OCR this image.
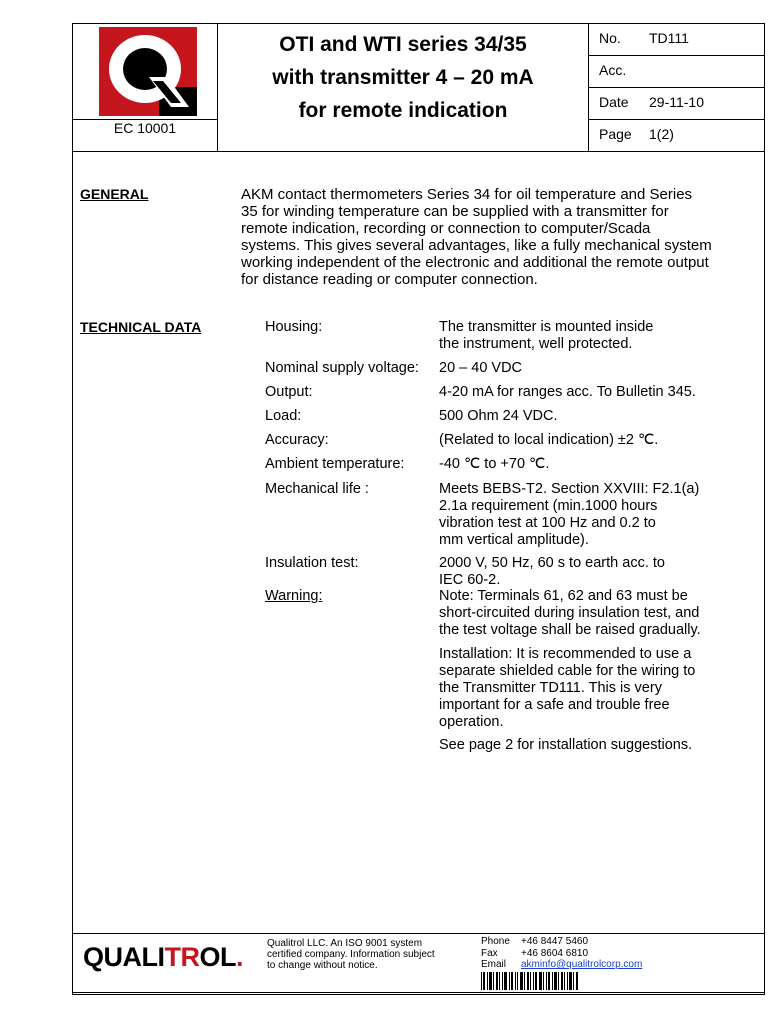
EC 10001
OTI and WTI series 34/35
with transmitter 4 – 20 mA
for remote indication
No. TD111
Acc.
Date 29-11-10
Page 1(2)
GENERAL	AKM contact thermometers Series 34 for oil temperature and Series
35 for winding temperature can be supplied with a transmitter for
remote indication, recording or connection to computer/Scada
systems. This gives several advantages, like a fully mechanical system
working independent of the electronic and additional the remote output
for distance reading or computer connection.
TECHNICAL DATA	Housing:	The transmitter is mounted inside
the instrument, well protected.
Nominal supply voltage:	20 – 40 VDC
Output:	4-20 mA for ranges acc. To Bulletin 345.
Load:	500 Ohm 24 VDC.
Accuracy:	(Related to local indication) ±2 ℃.
Ambient temperature:	-40 ℃ to +70 ℃.
Mechanical life :	Meets BEBS-T2. Section XXVIII: F2.1(a)
2.1a requirement (min.1000 hours
vibration test at 100 Hz and 0.2 to
mm vertical amplitude).
Insulation test:	2000 V, 50 Hz, 60 s to earth acc. to
IEC 60-2.
Warning:	Note: Terminals 61, 62 and 63 must be
short-circuited during insulation test, and
the test voltage shall be raised gradually.
Installation: It is recommended to use a
separate shielded cable for the wiring to
the Transmitter TD111. This is very
important for a safe and trouble free
operation.
See page 2 for installation suggestions.
QUALITROL. Qualitrol LLC. An ISO 9001 system
certified company. Information subject
to change without notice.
Phone +46 8447 5460
Fax +46 8604 6810
Email akminfo@qualitrolcorp.com
